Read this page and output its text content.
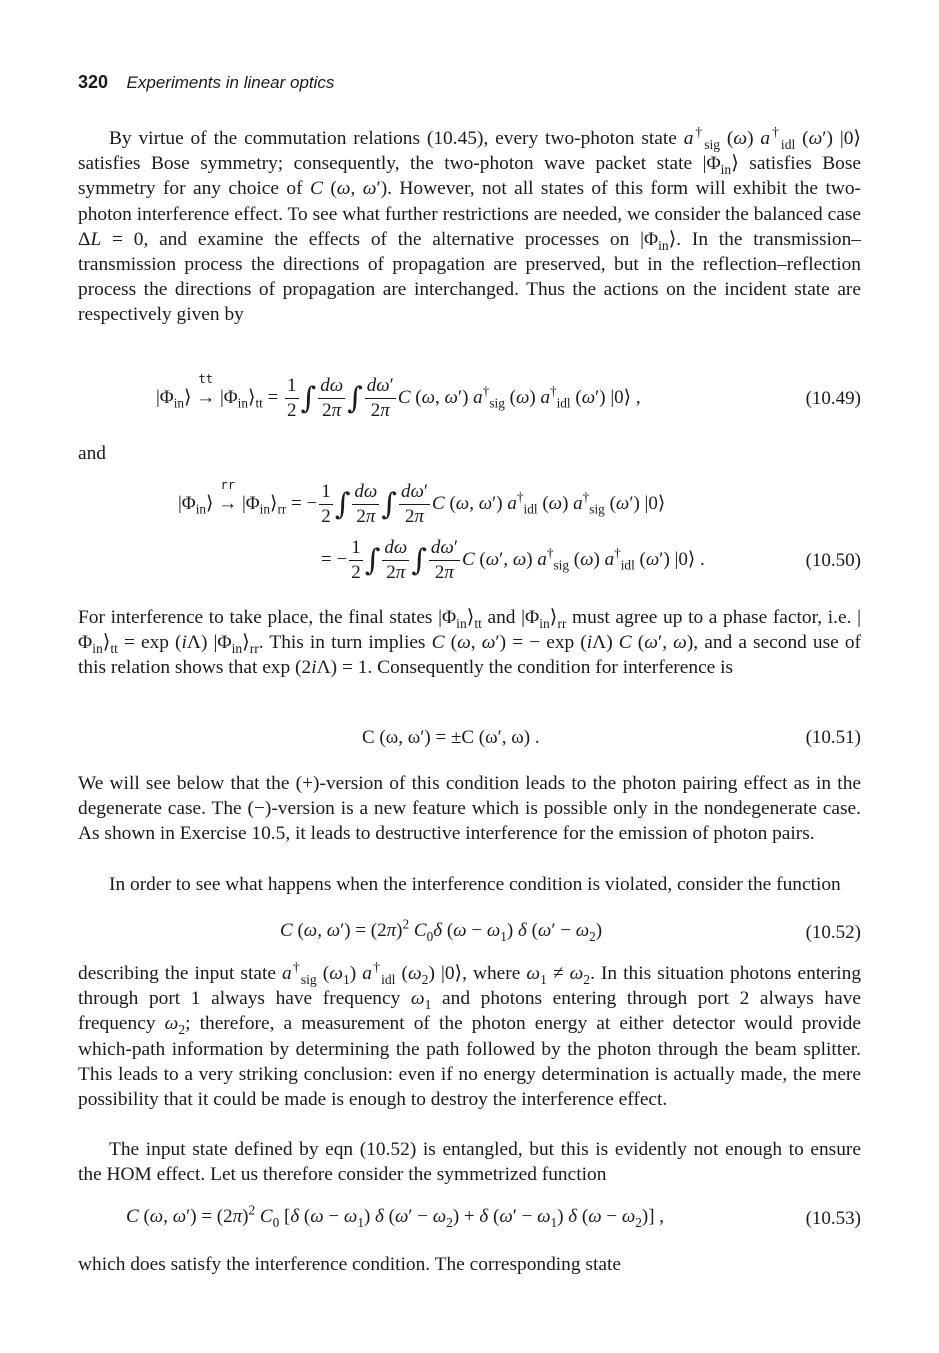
320 Experiments in linear optics
By virtue of the commutation relations (10.45), every two-photon state $a^\dagger_{sig}$ (ω) $a^\dagger_{idl}$ (ω′) |0⟩ satisfies Bose symmetry; consequently, the two-photon wave packet state $|\Phi_{in}⟩$ satisfies Bose symmetry for any choice of C (ω, ω′). However, not all states of this form will exhibit the two-photon interference effect. To see what further restrictions are needed, we consider the balanced case ΔL = 0, and examine the effects of the alternative processes on $|\Phi_{in}⟩$. In the transmission–transmission process the directions of propagation are preserved, but in the reflection–reflection process the directions of propagation are interchanged. Thus the actions on the incident state are respectively given by
$|\Phi_{in}⟩$
tt
→ $|\Phi_{in}⟩_{tt} = \frac{1}{2}$ ∫ $\frac{d\omega}{2\pi}$ ∫ $\frac{d\omega'}{2\pi}$ C (ω, ω′) $a^\dagger_{sig}$ (ω) $a^\dagger_{idl}$ (ω′) |0⟩ ,	(10.49)
and
$|\Phi_{in}⟩$
rr
→ $|\Phi_{in}⟩_{rr}$ = − $\frac{1}{2}$ ∫ $\frac{d\omega}{2\pi}$ ∫ $\frac{d\omega'}{2\pi}$ C (ω, ω′) $a^\dagger_{idl}$ (ω) $a^\dagger_{sig}$ (ω′) |0⟩
= − $\frac{1}{2}$ ∫ $\frac{d\omega}{2\pi}$ ∫ $\frac{d\omega'}{2\pi}$ C (ω′, ω) $a^\dagger_{sig}$ (ω) $a^\dagger_{idl}$ (ω′) |0⟩ .	(10.50)
For interference to take place, the final states $|\Phi_{in}⟩_{tt}$ and $|\Phi_{in}⟩_{rr}$ must agree up to a phase factor, i.e. $|\Phi_{in}⟩_{tt} = \exp (i\Lambda)$ $|\Phi_{in}⟩_{rr}$. This in turn implies C (ω, ω′) = − exp (iΛ) C (ω′, ω), and a second use of this relation shows that exp (2iΛ) = 1. Consequently the condition for interference is
C (ω, ω′) = ±C (ω′, ω) .	(10.51)
We will see below that the (+)-version of this condition leads to the photon pairing effect as in the degenerate case. The (−)-version is a new feature which is possible only in the nondegenerate case. As shown in Exercise 10.5, it leads to destructive interference for the emission of photon pairs.
In order to see what happens when the interference condition is violated, consider the function
C (ω, $\omega') = (2\pi)^2$ $C_0\delta$ $(\omega - \omega_1)$ δ $(\omega' - \omega_2)$	(10.52)
describing the input state $a^\dagger_{sig}$ $(\omega_1)$ $a^\dagger_{idl}$ $(\omega_2)$ |0⟩, where $\omega_1 \ne \omega_2$. In this situation photons entering through port 1 always have frequency $\omega_1$ and photons entering through port 2 always have frequency $\omega_2$; therefore, a measurement of the photon energy at either detector would provide which-path information by determining the path followed by the photon through the beam splitter. This leads to a very striking conclusion: even if no energy determination is actually made, the mere possibility that it could be made is enough to destroy the interference effect.
The input state defined by eqn (10.52) is entangled, but this is evidently not enough to ensure the HOM effect. Let us therefore consider the symmetrized function
C (ω, $\omega') = (2\pi)^2$ $C_0$ [δ $(\omega - \omega_1)$ δ $(\omega' - \omega_2) + \delta$ $(\omega' - \omega_1)$ δ $(\omega - \omega_2)$] ,	(10.53)
which does satisfy the interference condition. The corresponding state
